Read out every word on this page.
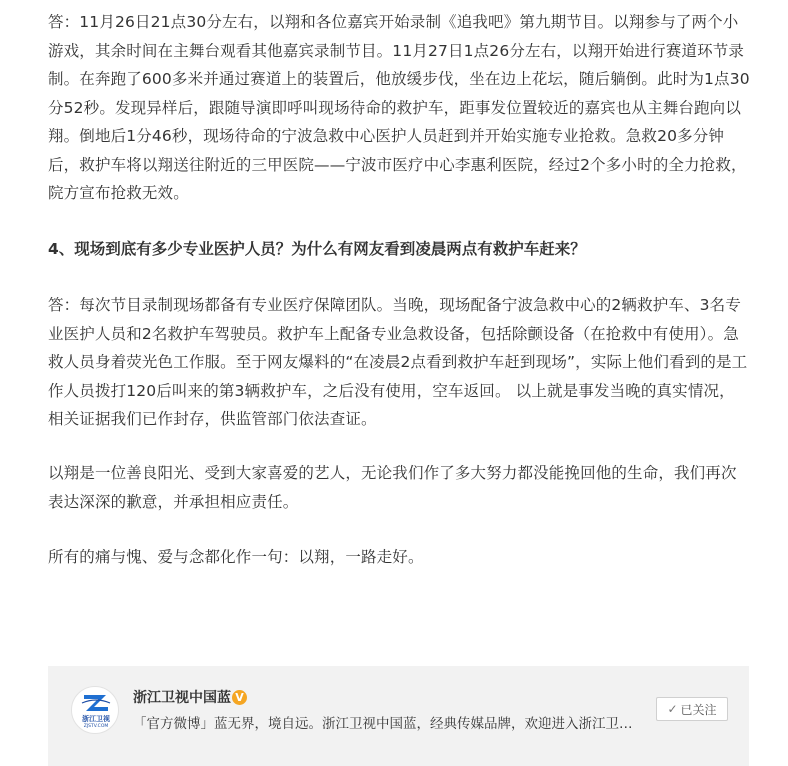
答：11月26日21点30分左右，以翔和各位嘉宾开始录制《追我吧》第九期节目。以翔参与了两个小游戏，其余时间在主舞台观看其他嘉宾录制节目。11月27日1点26分左右，以翔开始进行赛道环节录制。在奔跑了600多米并通过赛道上的装置后，他放缓步伐，坐在边上花坛，随后躺倒。此时为1点30分52秒。发现异样后，跟随导演即呼叫现场待命的救护车，距事发位置较近的嘉宾也从主舞台跑向以翔。倒地后1分46秒，现场待命的宁波急救中心医护人员赶到并开始实施专业抢救。急救20多分钟后，救护车将以翔送往附近的三甲医院——宁波市医疗中心李惠利医院，经过2个多小时的全力抢救，院方宣布抢救无效。

4、现场到底有多少专业医护人员？为什么有网友看到凌晨两点有救护车赶来？

答：每次节目录制现场都备有专业医疗保障团队。当晚，现场配备宁波急救中心的2辆救护车、3名专业医护人员和2名救护车驾驶员。救护车上配备专业急救设备，包括除颤设备（在抢救中有使用）。急救人员身着荧光色工作服。至于网友爆料的“在凌晨2点看到救护车赶到现场”，实际上他们看到的是工作人员拨打120后叫来的第3辆救护车，之后没有使用，空车返回。 以上就是事发当晚的真实情况，相关证据我们已作封存，供监管部门依法查证。

以翔是一位善良阳光、受到大家喜爱的艺人，无论我们作了多大努力都没能挽回他的生命，我们再次表达深深的歉意，并承担相应责任。

所有的痛与愧、爱与念都化作一句：以翔，一路走好。

浙江卫视
ZJSTV.COM
浙江卫视中国蓝 V
「官方微博」蓝无界，境自远。浙江卫视中国蓝，经典传媒品牌，欢迎进入浙江卫…
✓ 已关注
